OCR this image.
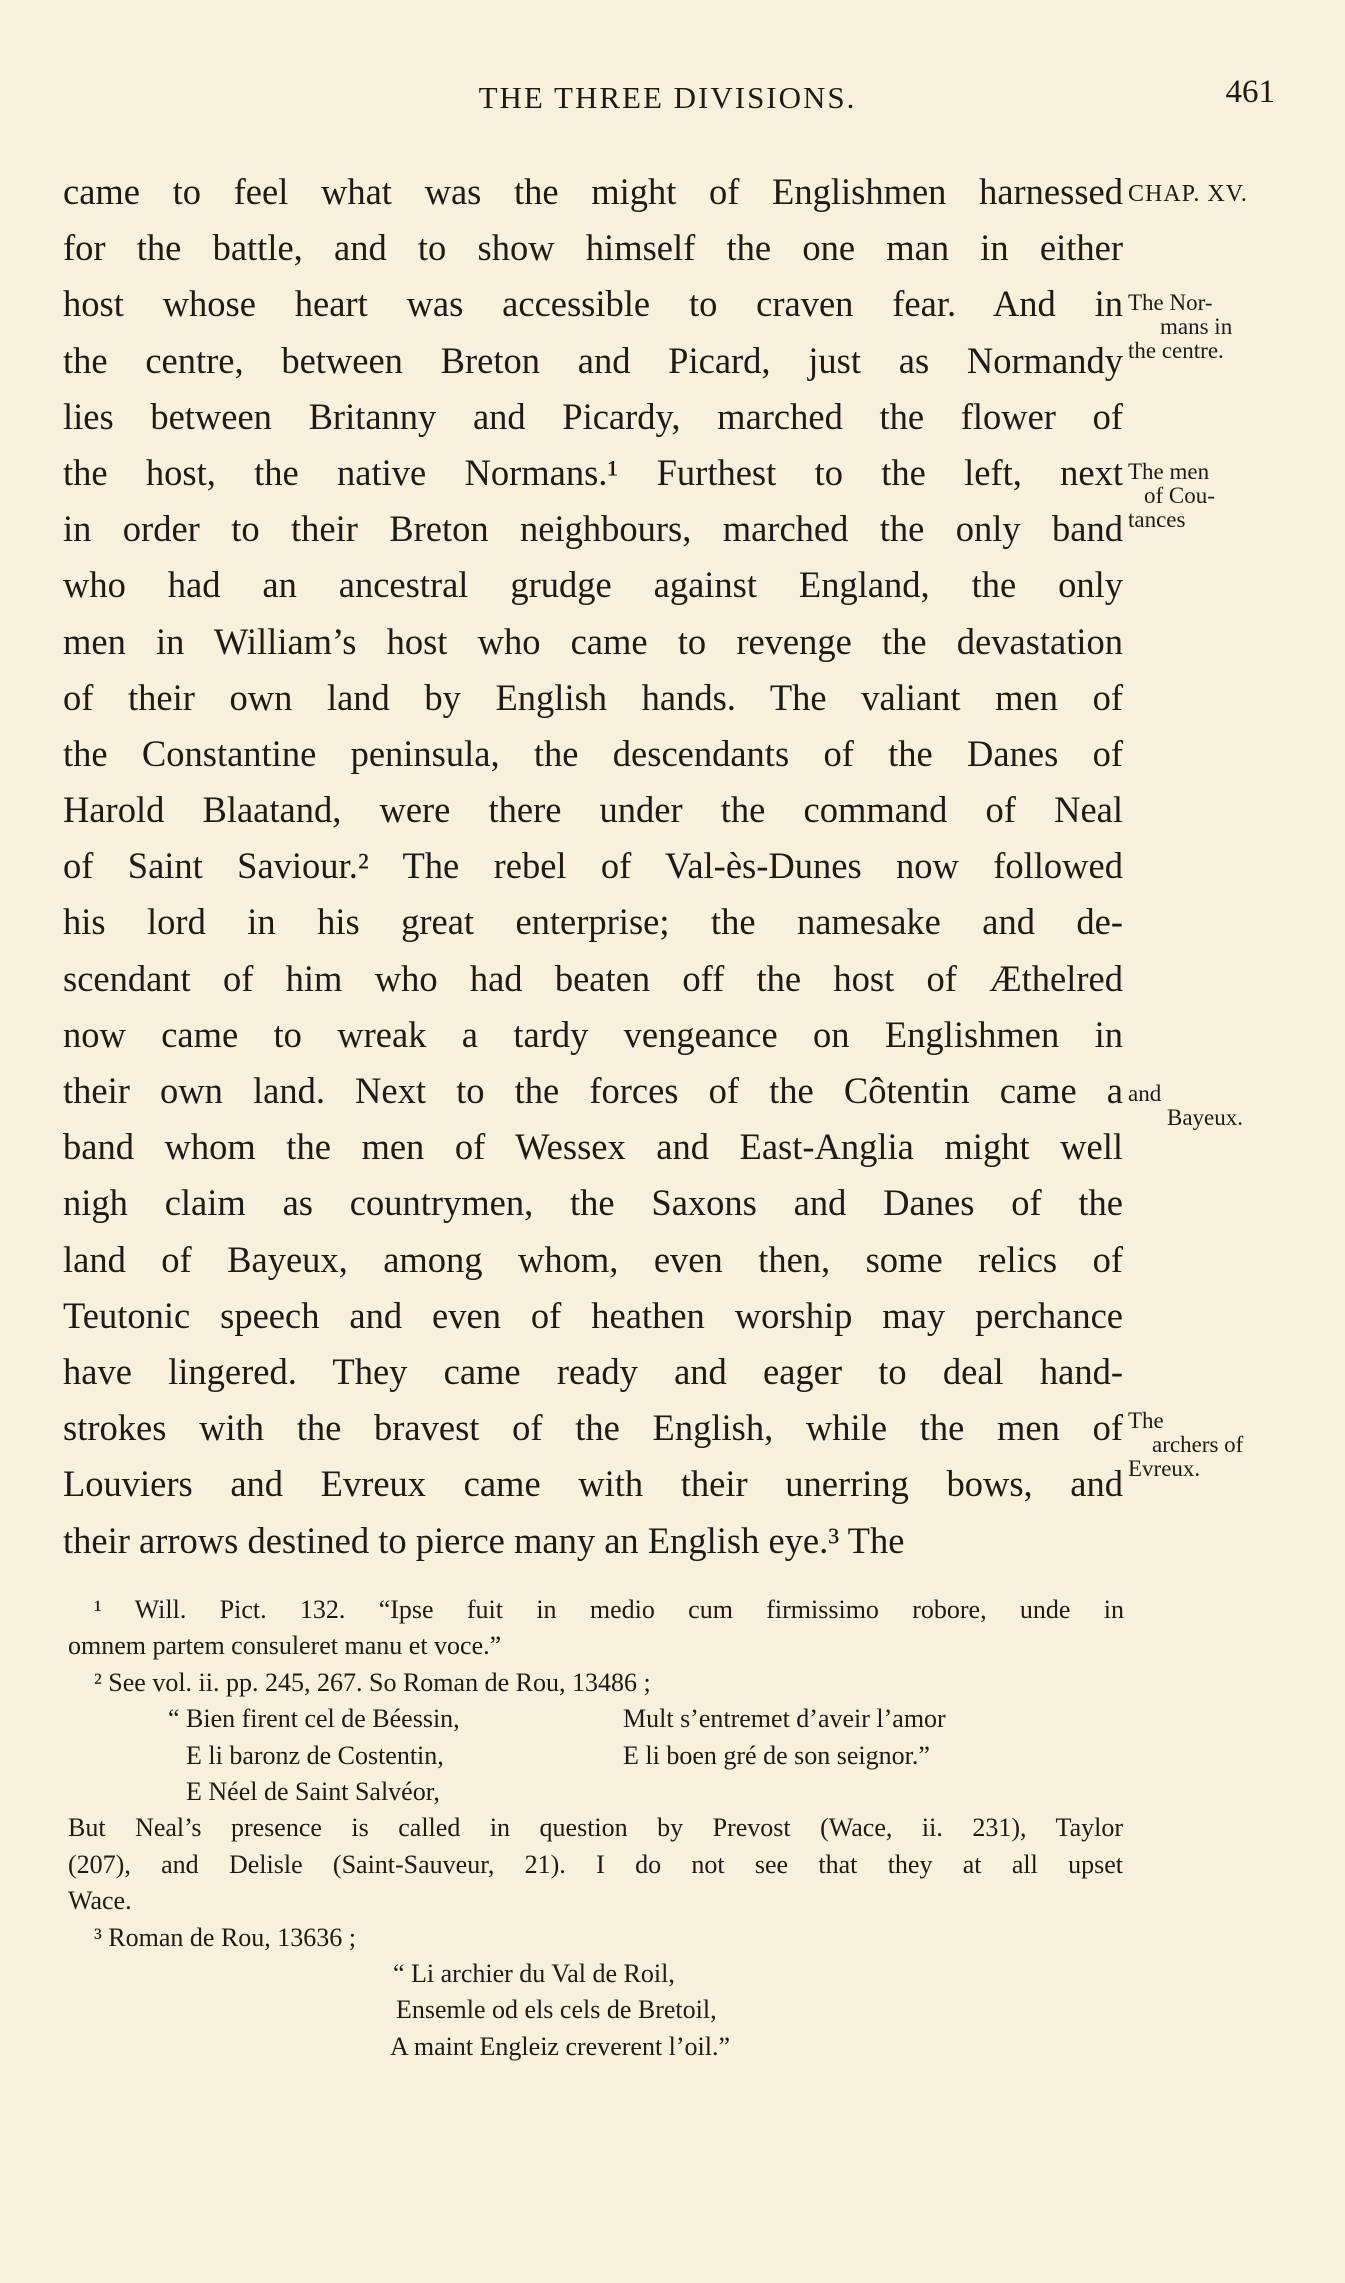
THE THREE DIVISIONS.	461
came to feel what was the might of Englishmen harnessed
for the battle, and to show himself the one man in either
host whose heart was accessible to craven fear. And in
the centre, between Breton and Picard, just as Normandy
lies between Britanny and Picardy, marched the flower of
the host, the native Normans.¹ Furthest to the left, next
in order to their Breton neighbours, marched the only band
who had an ancestral grudge against England, the only
men in William’s host who came to revenge the devastation
of their own land by English hands. The valiant men of
the Constantine peninsula, the descendants of the Danes of
Harold Blaatand, were there under the command of Neal
of Saint Saviour.² The rebel of Val-ès-Dunes now followed
his lord in his great enterprise; the namesake and de-
scendant of him who had beaten off the host of Æthelred
now came to wreak a tardy vengeance on Englishmen in
their own land. Next to the forces of the Côtentin came a
band whom the men of Wessex and East-Anglia might well
nigh claim as countrymen, the Saxons and Danes of the
land of Bayeux, among whom, even then, some relics of
Teutonic speech and even of heathen worship may perchance
have lingered. They came ready and eager to deal hand-
strokes with the bravest of the English, while the men of
Louviers and Evreux came with their unerring bows, and
their arrows destined to pierce many an English eye.³ The
CHAP. XV.
The Nor-
mans in
the centre.
The men
of Cou-
tances
and
Bayeux.
The
archers of
Evreux.
¹ Will. Pict. 132. “Ipse fuit in medio cum firmissimo robore, unde in
omnem partem consuleret manu et voce.”
² See vol. ii. pp. 245, 267. So Roman de Rou, 13486 ;
“ Bien firent cel de Béessin,	Mult s’entremet d’aveir l’amor
E li baronz de Costentin,	E li boen gré de son seignor.”
E Néel de Saint Salvéor,
But Neal’s presence is called in question by Prevost (Wace, ii. 231), Taylor
(207), and Delisle (Saint-Sauveur, 21). I do not see that they at all upset
Wace.
³ Roman de Rou, 13636 ;
“ Li archier du Val de Roil,
Ensemle od els cels de Bretoil,
A maint Engleiz creverent l’oil.”
